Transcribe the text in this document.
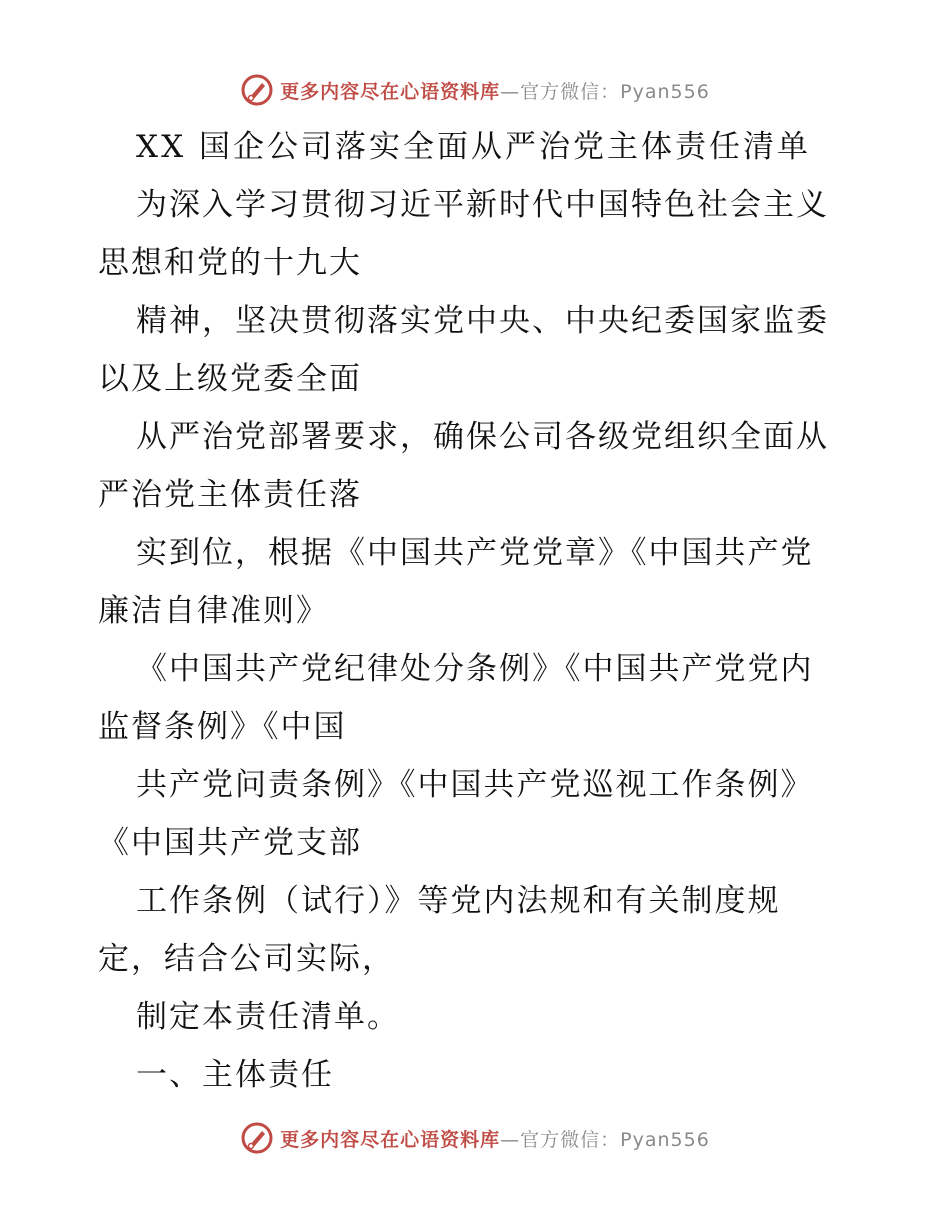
更多内容尽在心语资料库—官方微信：Pyan556

XX 国企公司落实全面从严治党主体责任清单

为深入学习贯彻习近平新时代中国特色社会主义

思想和党的十九大

精神，坚决贯彻落实党中央、中央纪委国家监委

以及上级党委全面

从严治党部署要求，确保公司各级党组织全面从

严治党主体责任落

实到位，根据《中国共产党党章》《中国共产党

廉洁自律准则》

《中国共产党纪律处分条例》《中国共产党党内

监督条例》《中国

共产党问责条例》《中国共产党巡视工作条例》

《中国共产党支部

工作条例（试行）》等党内法规和有关制度规

定，结合公司实际，

制定本责任清单。

一、主体责任

更多内容尽在心语资料库—官方微信：Pyan556
